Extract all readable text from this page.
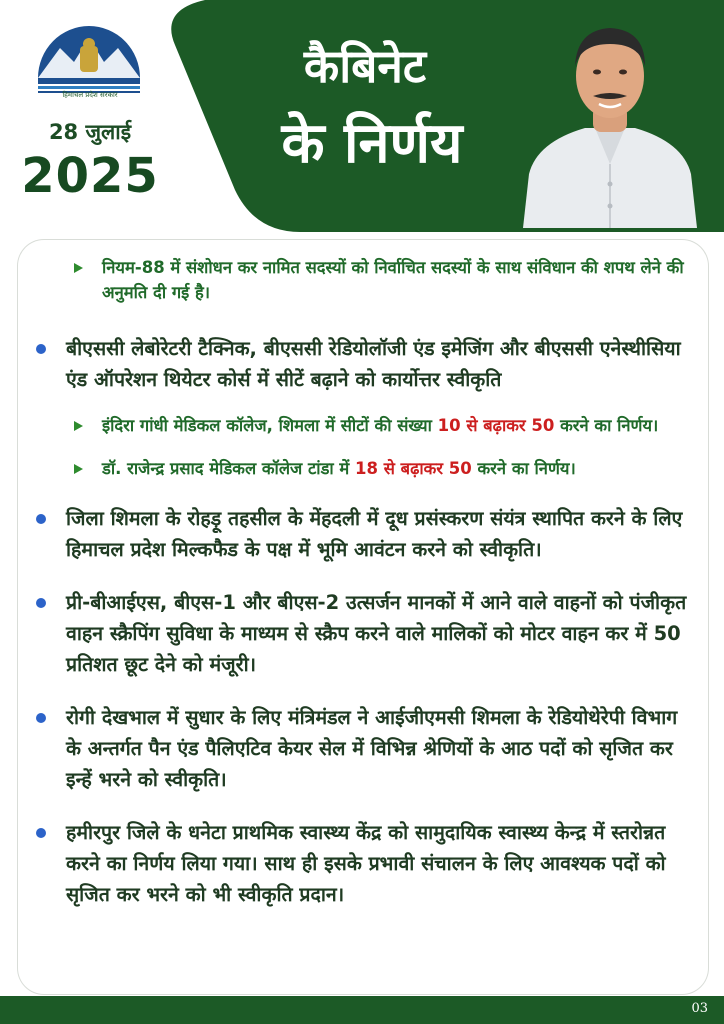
हिमाचल प्रदेश सरकार
28 जुलाई
2025
कैबिनेट
के निर्णय
नियम-88 में संशोधन कर नामित सदस्यों को निर्वाचित सदस्यों के साथ संविधान की शपथ लेने की अनुमति दी गई है।
बीएससी लेबोरेटरी टैक्निक, बीएससी रेडियोलॉजी एंड इमेजिंग और बीएससी एनेस्थीसिया एंड ऑपरेशन थियेटर कोर्स में सीटें बढ़ाने को कार्योत्तर स्वीकृति
इंदिरा गांधी मेडिकल कॉलेज, शिमला में सीटों की संख्या 10 से बढ़ाकर 50 करने का निर्णय।
डॉ. राजेन्द्र प्रसाद मेडिकल कॉलेज टांडा में 18 से बढ़ाकर 50 करने का निर्णय।
जिला शिमला के रोहड़ू तहसील के मेंहदली में दूध प्रसंस्करण संयंत्र स्थापित करने के लिए हिमाचल प्रदेश मिल्कफैड के पक्ष में भूमि आवंटन करने को स्वीकृति।
प्री-बीआईएस, बीएस-1 और बीएस-2 उत्सर्जन मानकों में आने वाले वाहनों को पंजीकृत वाहन स्क्रैपिंग सुविधा के माध्यम से स्क्रैप करने वाले मालिकों को मोटर वाहन कर में 50 प्रतिशत छूट देने को मंजूरी।
रोगी देखभाल में सुधार के लिए मंत्रिमंडल ने आईजीएमसी शिमला के रेडियोथेरेपी विभाग के अन्तर्गत पैन एंड पैलिएटिव केयर सेल में विभिन्न श्रेणियों के आठ पदों को सृजित कर इन्हें भरने को स्वीकृति।
हमीरपुर जिले के धनेटा प्राथमिक स्वास्थ्य केंद्र को सामुदायिक स्वास्थ्य केन्द्र में स्तरोन्नत करने का निर्णय लिया गया। साथ ही इसके प्रभावी संचालन के लिए आवश्यक पदों को सृजित कर भरने को भी स्वीकृति प्रदान।
03
